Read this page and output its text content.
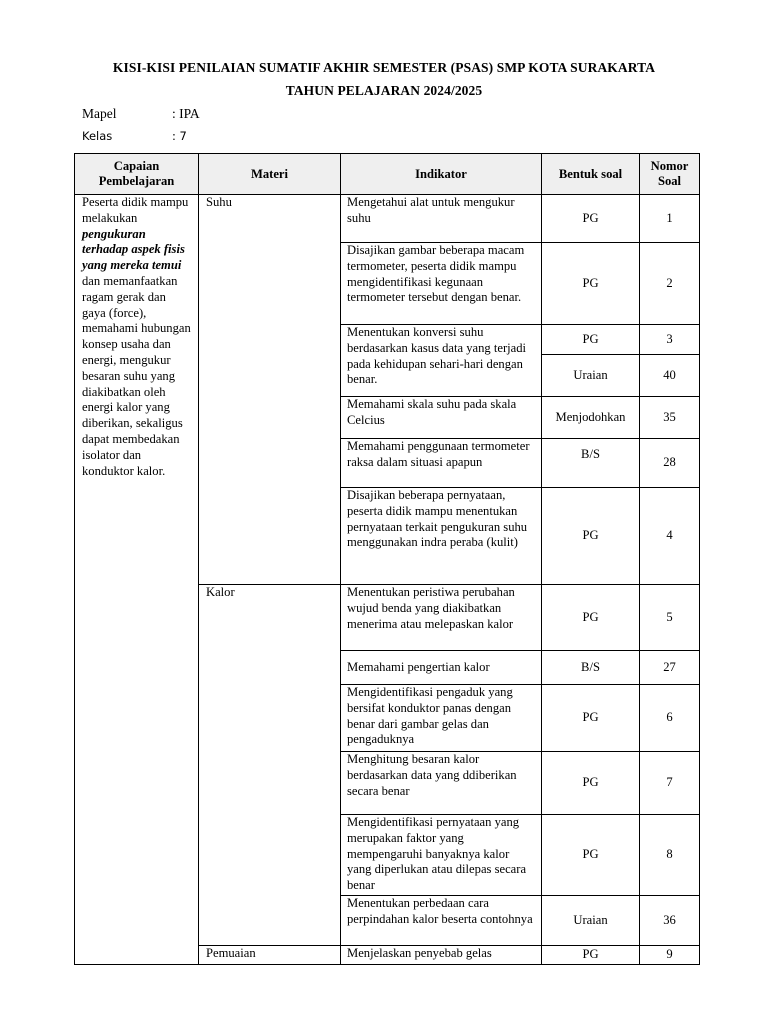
KISI-KISI PENILAIAN SUMATIF AKHIR SEMESTER (PSAS) SMP KOTA SURAKARTA
TAHUN PELAJARAN 2024/2025
Mapel	: IPA
Kelas	: 7
Capaian Pembelajaran	Materi	Indikator	Bentuk soal	Nomor Soal
Peserta didik mampu melakukan pengukuran terhadap aspek fisis yang mereka temui dan memanfaatkan ragam gerak dan gaya (force), memahami hubungan konsep usaha dan energi, mengukur besaran suhu yang diakibatkan oleh energi kalor yang diberikan, sekaligus dapat membedakan isolator dan konduktor kalor.	Suhu	Mengetahui alat untuk mengukur suhu	PG	1
		Disajikan gambar beberapa macam termometer, peserta didik mampu mengidentifikasi kegunaan termometer tersebut dengan benar.	PG	2
		Menentukan konversi suhu berdasarkan kasus data yang terjadi pada kehidupan sehari-hari dengan benar.	PG	3
			Uraian	40
		Memahami skala suhu pada skala Celcius	Menjodohkan	35
		Memahami penggunaan termometer raksa dalam situasi apapun	B/S	28
		Disajikan beberapa pernyataan, peserta didik mampu menentukan pernyataan terkait pengukuran suhu menggunakan indra peraba (kulit)	PG	4
	Kalor	Menentukan peristiwa perubahan wujud benda yang diakibatkan menerima atau melepaskan kalor	PG	5
		Memahami pengertian kalor	B/S	27
		Mengidentifikasi pengaduk yang bersifat konduktor panas dengan benar dari gambar gelas dan pengaduknya	PG	6
		Menghitung besaran kalor berdasarkan data yang ddiberikan secara benar	PG	7
		Mengidentifikasi pernyataan yang merupakan faktor yang mempengaruhi banyaknya kalor yang diperlukan atau dilepas secara benar	PG	8
		Menentukan perbedaan cara perpindahan kalor beserta contohnya	Uraian	36
	Pemuaian	Menjelaskan penyebab gelas	PG	9
